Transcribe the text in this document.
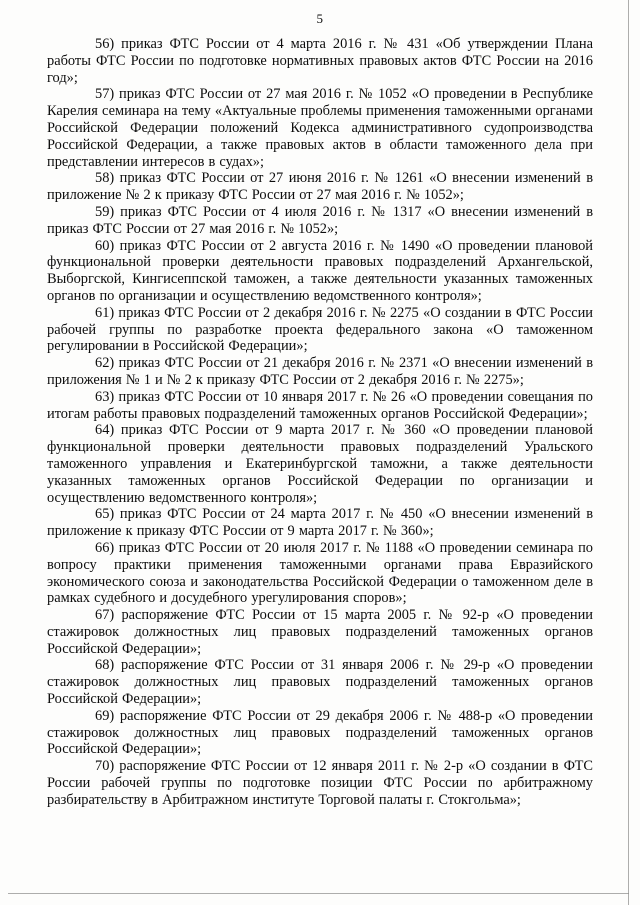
5

56) приказ ФТС России от 4 марта 2016 г. № 431 «Об утверждении Плана работы ФТС России по подготовке нормативных правовых актов ФТС России на 2016 год»;

57) приказ ФТС России от 27 мая 2016 г. № 1052 «О проведении в Республике Карелия семинара на тему «Актуальные проблемы применения таможенными органами Российской Федерации положений Кодекса административного судопроизводства Российской Федерации, а также правовых актов в области таможенного дела при представлении интересов в судах»;

58) приказ ФТС России от 27 июня 2016 г. № 1261 «О внесении изменений в приложение № 2 к приказу ФТС России от 27 мая 2016 г. № 1052»;

59) приказ ФТС России от 4 июля 2016 г. № 1317 «О внесении изменений в приказ ФТС России от 27 мая 2016 г. № 1052»;

60) приказ ФТС России от 2 августа 2016 г. № 1490 «О проведении плановой функциональной проверки деятельности правовых подразделений Архангельской, Выборгской, Кингисеппской таможен, а также деятельности указанных таможенных органов по организации и осуществлению ведомственного контроля»;

61) приказ ФТС России от 2 декабря 2016 г. № 2275 «О создании в ФТС России рабочей группы по разработке проекта федерального закона «О таможенном регулировании в Российской Федерации»;

62) приказ ФТС России от 21 декабря 2016 г. № 2371 «О внесении изменений в приложения № 1 и № 2 к приказу ФТС России от 2 декабря 2016 г. № 2275»;

63) приказ ФТС России от 10 января 2017 г. № 26 «О проведении совещания по итогам работы правовых подразделений таможенных органов Российской Федерации»;

64) приказ ФТС России от 9 марта 2017 г. № 360 «О проведении плановой функциональной проверки деятельности правовых подразделений Уральского таможенного управления и Екатеринбургской таможни, а также деятельности указанных таможенных органов Российской Федерации по организации и осуществлению ведомственного контроля»;

65) приказ ФТС России от 24 марта 2017 г. № 450 «О внесении изменений в приложение к приказу ФТС России от 9 марта 2017 г. № 360»;

66) приказ ФТС России от 20 июля 2017 г. № 1188 «О проведении семинара по вопросу практики применения таможенными органами права Евразийского экономического союза и законодательства Российской Федерации о таможенном деле в рамках судебного и досудебного урегулирования споров»;

67) распоряжение ФТС России от 15 марта 2005 г. № 92-р «О проведении стажировок должностных лиц правовых подразделений таможенных органов Российской Федерации»;

68) распоряжение ФТС России от 31 января 2006 г. № 29-р «О проведении стажировок должностных лиц правовых подразделений таможенных органов Российской Федерации»;

69) распоряжение ФТС России от 29 декабря 2006 г. № 488-р «О проведении стажировок должностных лиц правовых подразделений таможенных органов Российской Федерации»;

70) распоряжение ФТС России от 12 января 2011 г. № 2-р «О создании в ФТС России рабочей группы по подготовке позиции ФТС России по арбитражному разбирательству в Арбитражном институте Торговой палаты г. Стокгольма»;
